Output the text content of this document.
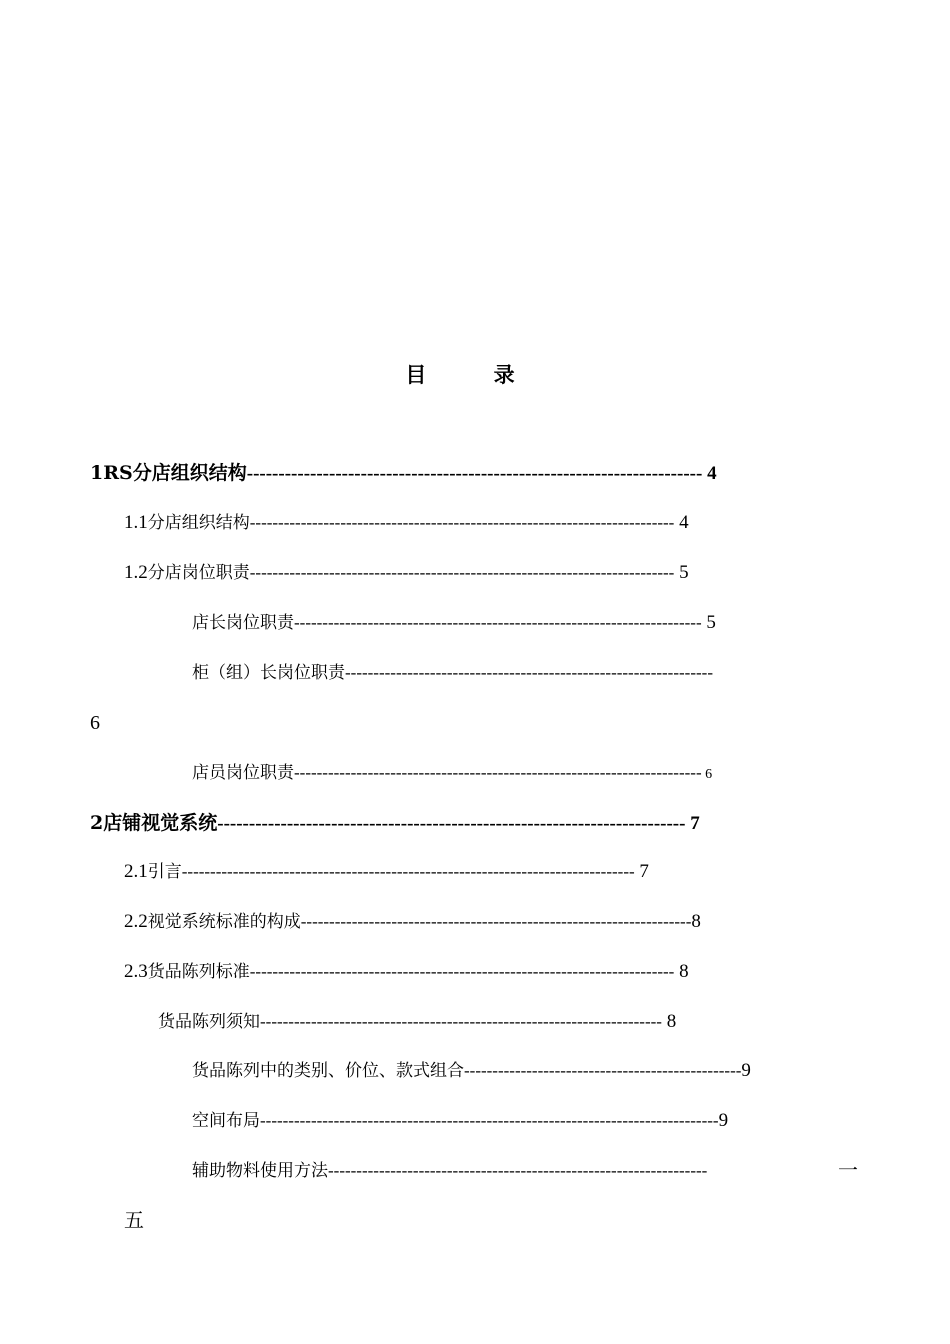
目 录
1RS分店组织结构------------------------------------------------------------------------ 4
1.1分店组织结构--------------------------------------------------------------------------- 4
1.2分店岗位职责--------------------------------------------------------------------------- 5
店长岗位职责------------------------------------------------------------------------ 5
柜（组）长岗位职责-----------------------------------------------------------------
6
店员岗位职责------------------------------------------------------------------------ 6
2店铺视觉系统-------------------------------------------------------------------------- 7
2.1引言-------------------------------------------------------------------------------- 7
2.2视觉系统标准的构成---------------------------------------------------------------------8
2.3货品陈列标准--------------------------------------------------------------------------- 8
货品陈列须知----------------------------------------------------------------------- 8
货品陈列中的类别、价位、款式组合-------------------------------------------------9
空间布局---------------------------------------------------------------------------------9
辅助物料使用方法-------------------------------------------------------------------	一
五
